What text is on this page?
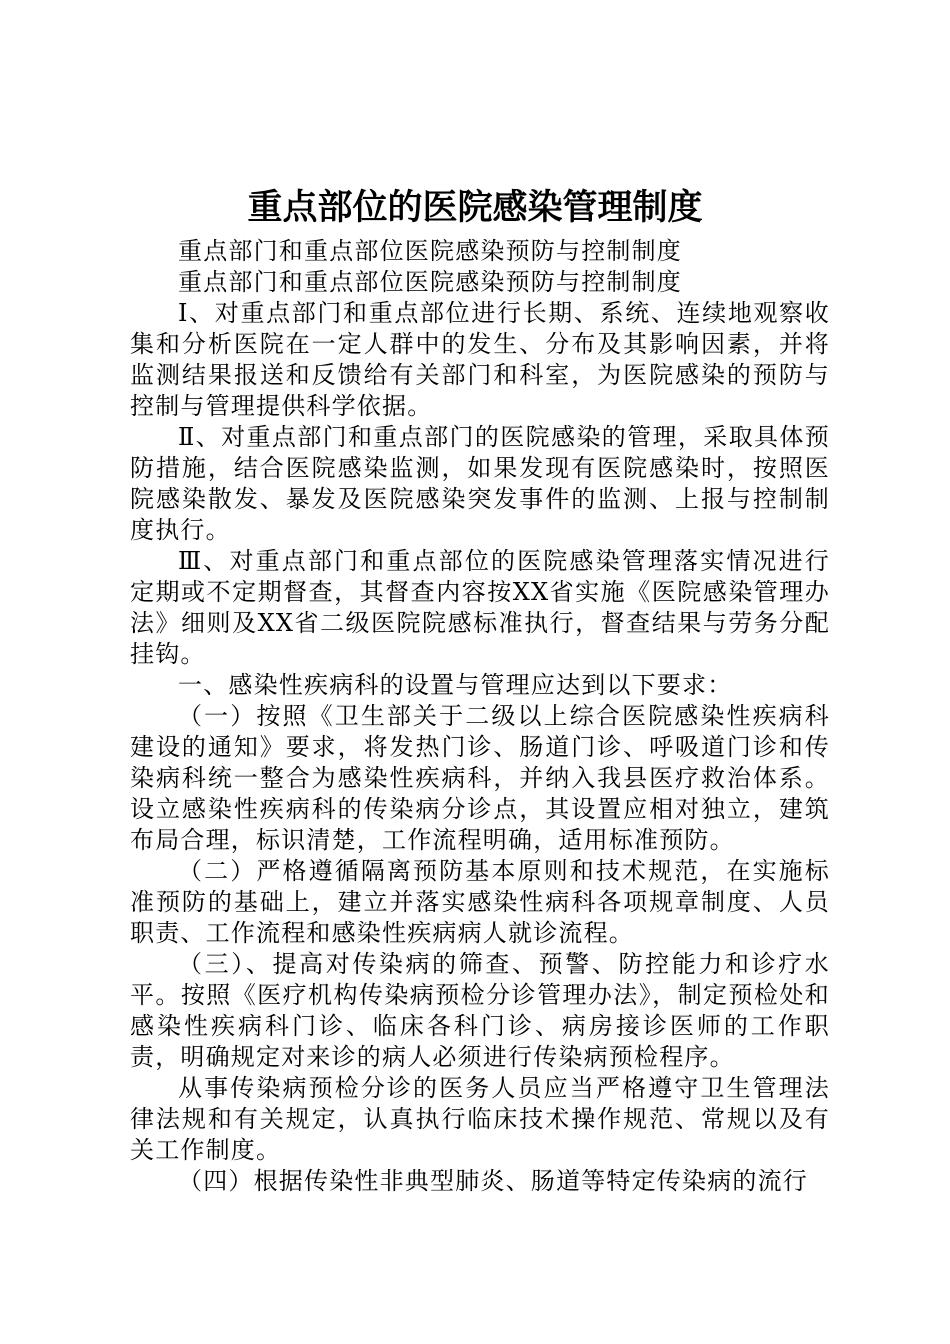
重点部位的医院感染管理制度

重点部门和重点部位医院感染预防与控制制度

重点部门和重点部位医院感染预防与控制制度

Ⅰ、对重点部门和重点部位进行长期、系统、连续地观察收集和分析医院在一定人群中的发生、分布及其影响因素，并将监测结果报送和反馈给有关部门和科室，为医院感染的预防与控制与管理提供科学依据。

Ⅱ、对重点部门和重点部门的医院感染的管理，采取具体预防措施，结合医院感染监测，如果发现有医院感染时，按照医院感染散发、暴发及医院感染突发事件的监测、上报与控制制度执行。

Ⅲ、对重点部门和重点部位的医院感染管理落实情况进行定期或不定期督查，其督查内容按XX省实施《医院感染管理办法》细则及XX省二级医院院感标准执行，督查结果与劳务分配挂钩。

一、感染性疾病科的设置与管理应达到以下要求：

（一）按照《卫生部关于二级以上综合医院感染性疾病科建设的通知》要求，将发热门诊、肠道门诊、呼吸道门诊和传染病科统一整合为感染性疾病科，并纳入我县医疗救治体系。设立感染性疾病科的传染病分诊点，其设置应相对独立，建筑布局合理，标识清楚，工作流程明确，适用标准预防。

（二）严格遵循隔离预防基本原则和技术规范，在实施标准预防的基础上，建立并落实感染性病科各项规章制度、人员职责、工作流程和感染性疾病病人就诊流程。

（三）、提高对传染病的筛查、预警、防控能力和诊疗水平。按照《医疗机构传染病预检分诊管理办法》，制定预检处和感染性疾病科门诊、临床各科门诊、病房接诊医师的工作职责，明确规定对来诊的病人必须进行传染病预检程序。

从事传染病预检分诊的医务人员应当严格遵守卫生管理法律法规和有关规定，认真执行临床技术操作规范、常规以及有关工作制度。

（四）根据传染性非典型肺炎、肠道等特定传染病的流行
